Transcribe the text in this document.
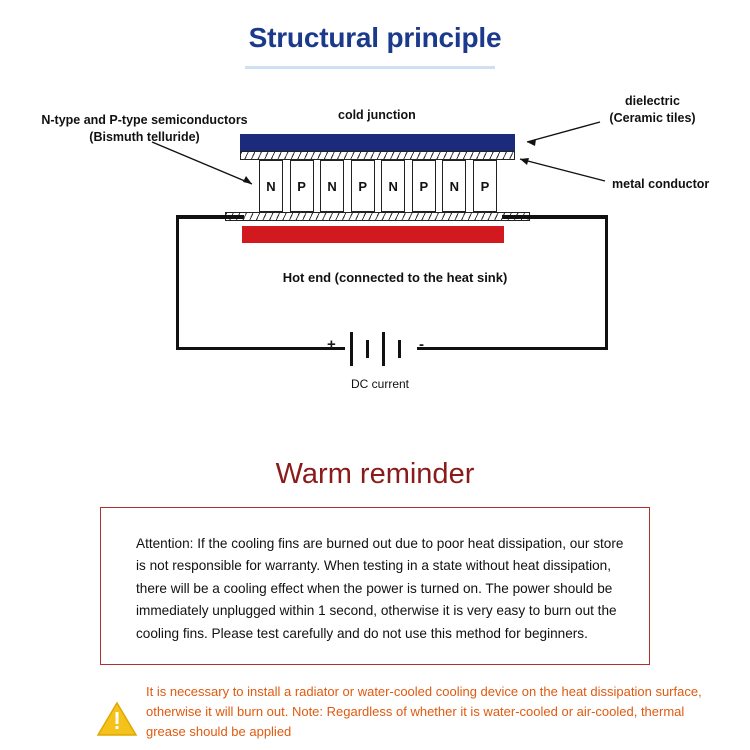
Structural principle
N	P	N	P	N	P	N	P
+	-
DC current
Hot end (connected to the heat sink)
cold junction
dielectric
(Ceramic tiles)
metal conductor
N-type and P-type semiconductors
(Bismuth telluride)
Warm reminder
Attention: If the cooling fins are burned out due to poor heat dissipation, our store is not responsible for warranty. When testing in a state without heat dissipation, there will be a cooling effect when the power is turned on. The power should be immediately unplugged within 1 second, otherwise it is very easy to burn out the cooling fins. Please test carefully and do not use this method for beginners.
It is necessary to install a radiator or water-cooled cooling device on the heat dissipation surface, otherwise it will burn out. Note: Regardless of whether it is water-cooled or air-cooled, thermal grease should be applied
